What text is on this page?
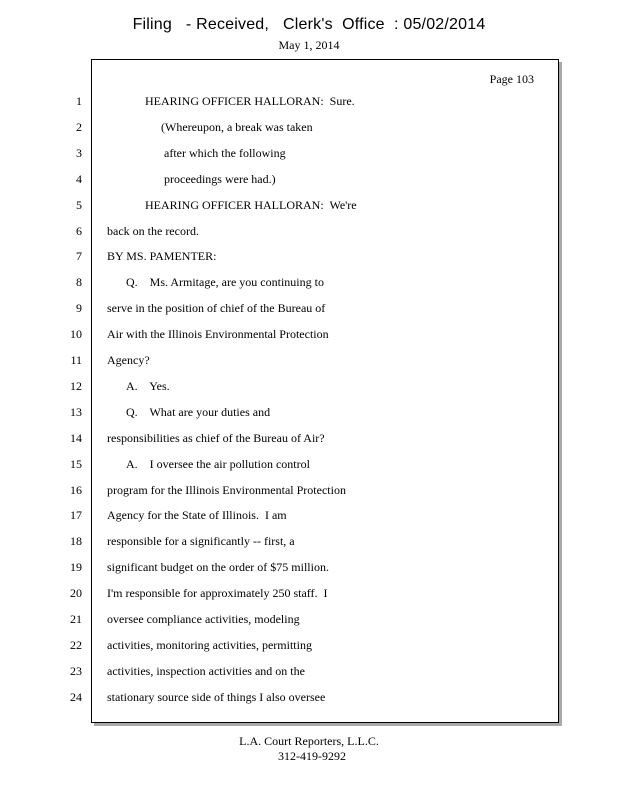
Filing   - Received,   Clerk's  Office  : 05/02/2014
May 1, 2014
Page 103
1	HEARING OFFICER HALLORAN:  Sure.
2	(Whereupon, a break was taken
3	after which the following
4	proceedings were had.)
5	HEARING OFFICER HALLORAN:  We're
6 back on the record.
7 BY MS. PAMENTER:
8	Q.    Ms. Armitage, are you continuing to
9 serve in the position of chief of the Bureau of
10 Air with the Illinois Environmental Protection
11 Agency?
12	A.    Yes.
13	Q.    What are your duties and
14 responsibilities as chief of the Bureau of Air?
15	A.    I oversee the air pollution control
16 program for the Illinois Environmental Protection
17 Agency for the State of Illinois.  I am
18 responsible for a significantly -- first, a
19 significant budget on the order of $75 million.
20 I'm responsible for approximately 250 staff.  I
21 oversee compliance activities, modeling
22 activities, monitoring activities, permitting
23 activities, inspection activities and on the
24 stationary source side of things I also oversee
L.A. Court Reporters, L.L.C.
312-419-9292
